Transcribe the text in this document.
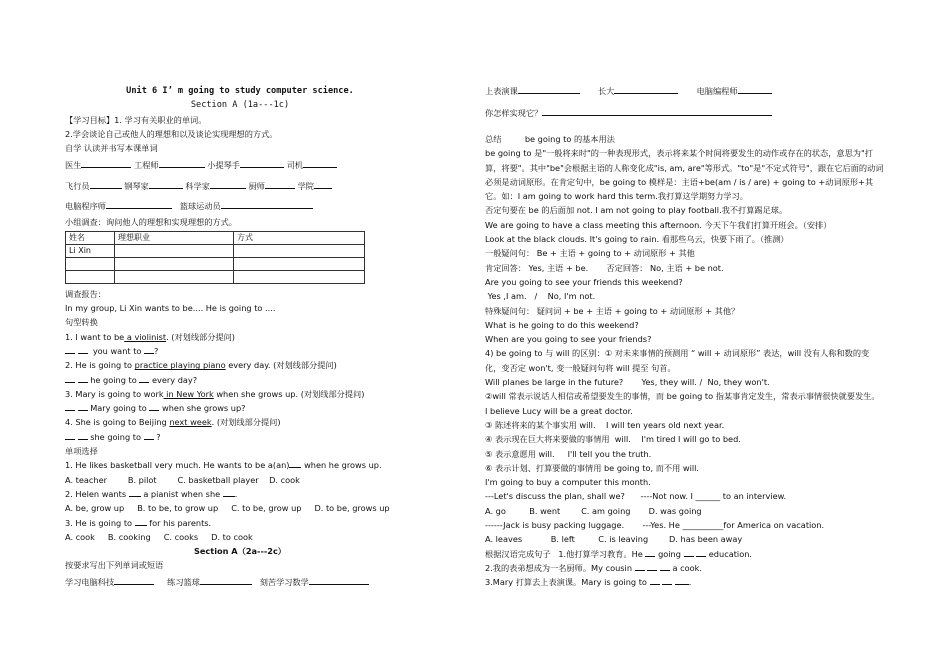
Unit 6 I’ m going to study computer science.
Section A (1a---1c)
【学习目标】1. 学习有关职业的单词。
2.学会谈论自己或他人的理想和以及谈论实现理想的方式。
自学 认读并书写本课单词
医生	工程师	小提琴手	司机
飞行员	钢琴家	科学家	厨师	学院
电脑程序师	篮球运动员
小组调查：询问他人的理想和实现理想的方式。
姓名	理想职业	方式
Li Xin		

调查报告：
In my group, Li Xin wants to be.... He is going to ....
句型转换
1. I want to be a violinist. (对划线部分提问)
you want to ?
2. He is going to practice playing piano every day. (对划线部分提问)
he going to every day?
3. Mary is going to work in New York when she grows up. (对划线部分提问)
Mary going to when she grows up?
4. She is going to Beijing next week. (对划线部分提问)
she going to  ?
单项选择
1. He likes basketball very much. He wants to be a(an) when he grows up.
A. teacher        B. pilot        C. basketball player    D. cook
2. Helen wants a pianist when she .
A. be, grow up     B. to be, to grow up     C. to be, grow up     D. to be, grows up
3. He is going to for his parents.
A. cook     B. cooking     C. cooks     D. to cook
Section A（2a---2c）
按要求写出下列单词或短语
学习电脑科技	练习篮球	刻苦学习数学
上表演课	长大	电脑编程师
你怎样实现它？
总结	be going to 的基本用法
be going to 是"一般将来时"的一种表现形式，表示将来某个时间将要发生的动作或存在的状态，意思为"打算，将要"。其中"be"会根据主语的人称变化成"is, am, are"等形式。"to"是"不定式符号"，跟在它后面的动词必须是动词原形。在肯定句中，be going to 模样是：主语+be(am / is / are) + going to +动词原形+其它。如：I am going to work hard this term.我打算这学期努力学习。
否定句要在 be 的后面加 not. I am not going to play football.我不打算踢足球。
We are going to have a class meeting this afternoon. 今天下午我们打算开班会。（安排）
Look at the black clouds. It's going to rain. 看那些乌云，快要下雨了。（推测）
一般疑问句： Be + 主语 + going to + 动词原形 + 其他
肯定回答： Yes, 主语 + be.       否定回答： No, 主语 + be not.
Are you going to see your friends this weekend?
Yes ,I am.   /    No, I'm not.
特殊疑问句： 疑问词 + be + 主语 + going to + 动词原形 + 其他？
What is he going to do this weekend?
When are you going to see your friends?
4) be going to 与 will 的区别：① 对未来事情的预测用 “ will + 动词原形” 表达，will 没有人称和数的变化，变否定 won't, 变一般疑问句将 will 提至 句首。
Will planes be large in the future?       Yes, they will. /  No, they won't.
②will 常表示说话人相信或希望要发生的事情，而 be going to 指某事肯定发生，常表示事情很快就要发生。       I believe Lucy will be a great doctor.
③ 陈述将来的某个事实用 will.    I will ten years old next year.
④ 表示现在巨大将来要做的事情用  will.    I'm tired I will go to bed.
⑤ 表示意愿用 will.     I'll tell you the truth.
⑥ 表示计划、打算要做的事情用 be going to, 而不用 will.
I'm going to buy a computer this month.
---Let's discuss the plan, shall we?      ----Not now. I ______ to an interview.
A. go         B. went        C. am going       D. was going
------Jack is busy packing luggage.       ---Yes. He __________for America on vacation.
A. leaves           B. left         C. is leaving        D. has been away
根据汉语完成句子 1.他打算学习教育。He going	education.
2.我的表弟想成为一名厨师。My cousin	a cook.
3.Mary 打算去上表演课。Mary is going to	.
